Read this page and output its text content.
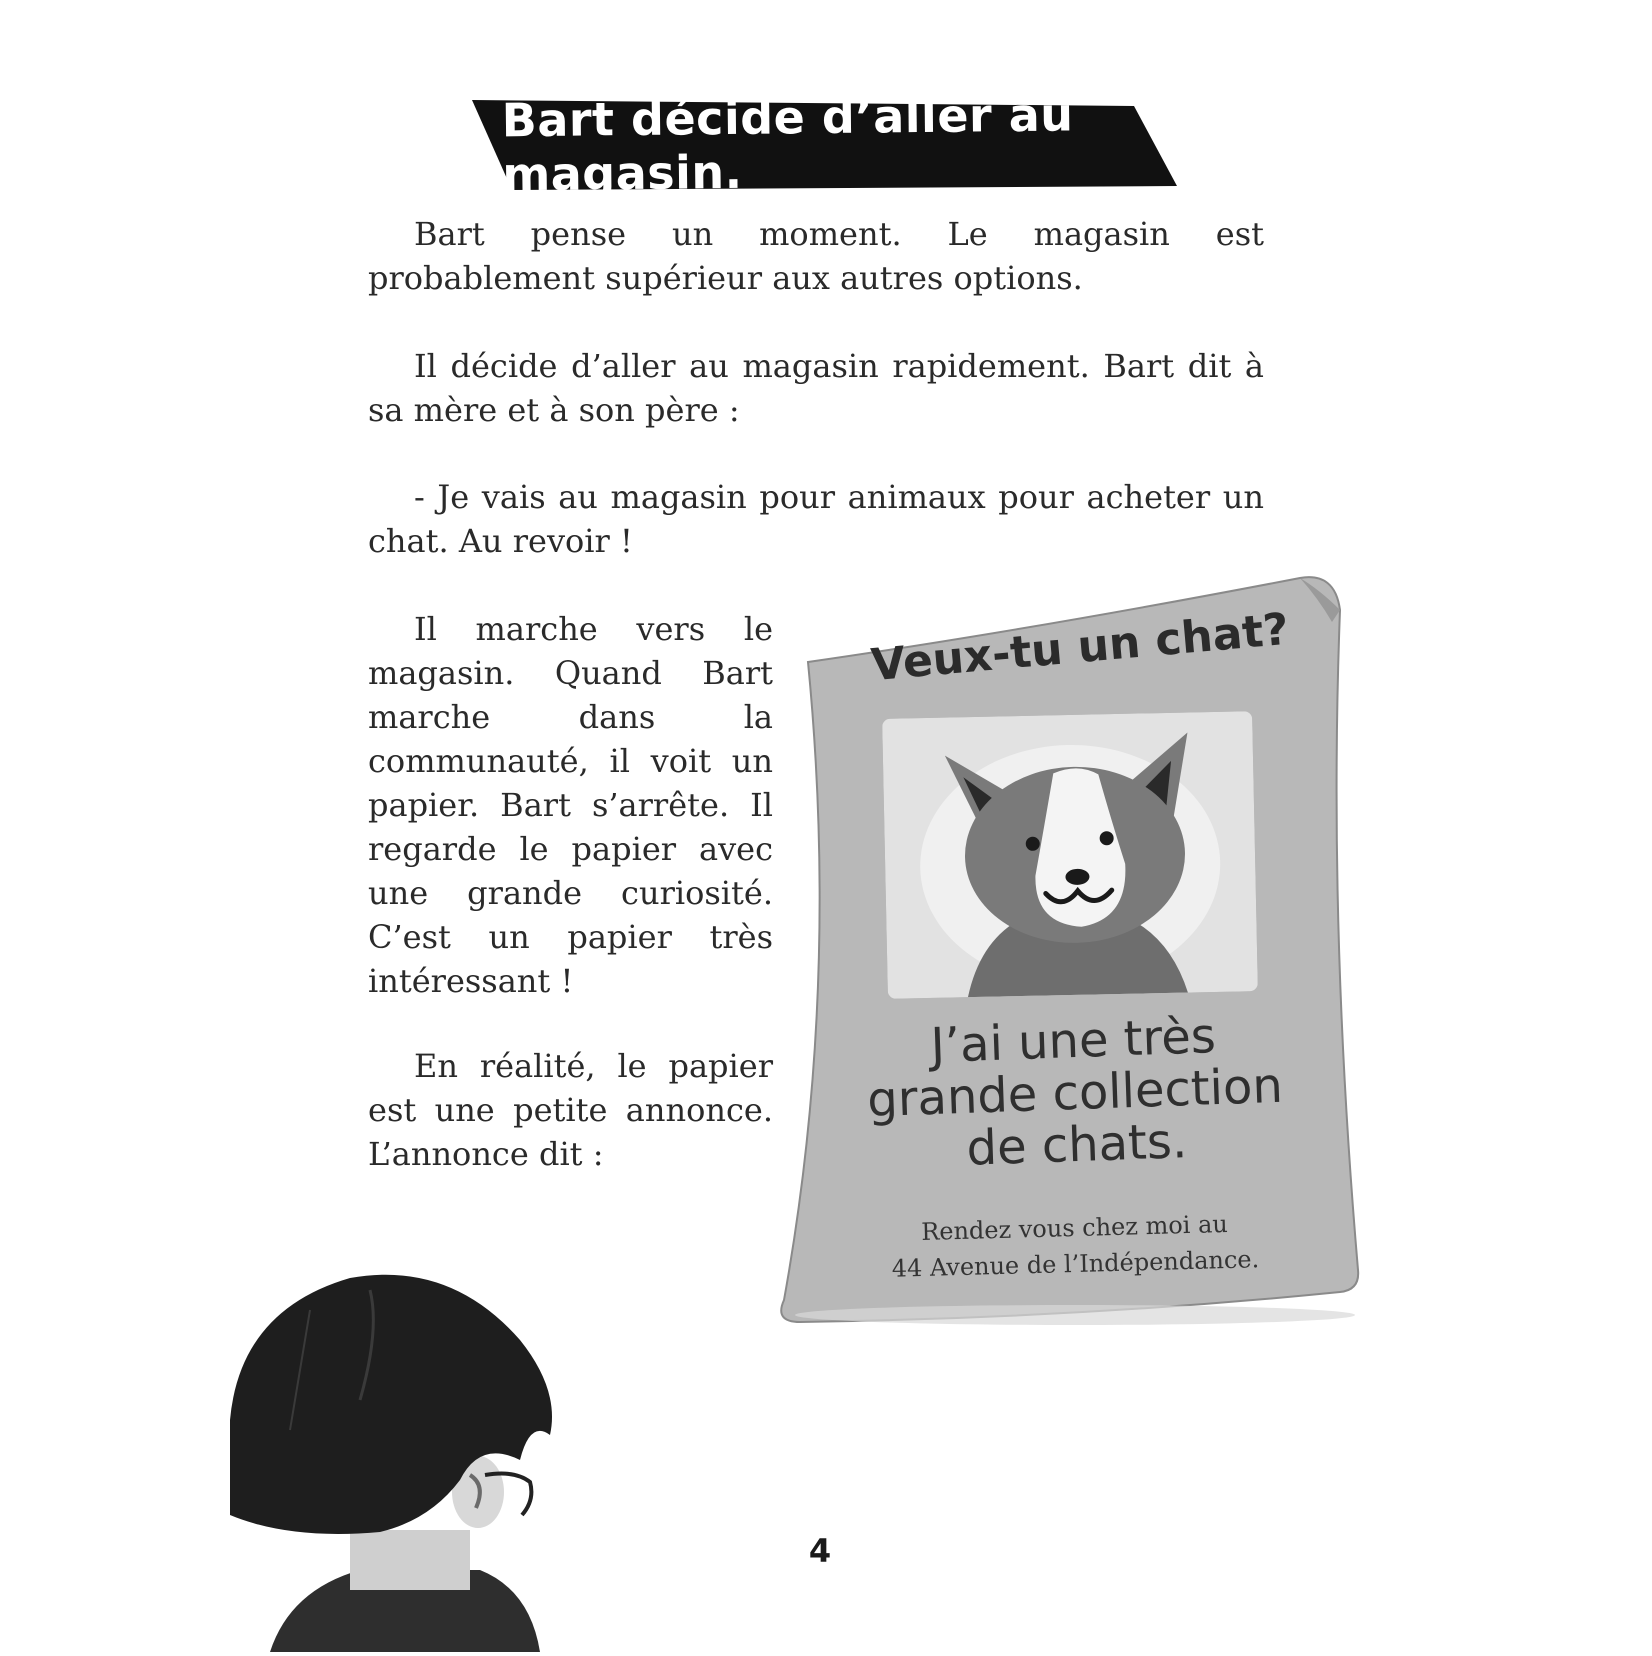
Bart décide d’aller au magasin.

Bart pense un moment. Le magasin est probablement supérieur aux autres options.

Il décide d’aller au magasin rapidement. Bart dit à sa mère et à son père :

- Je vais au magasin pour animaux pour acheter un chat. Au revoir !

Il marche vers le magasin. Quand Bart marche dans la communauté, il voit un papier. Bart s’arrête. Il regarde le papier avec une grande curiosité. C’est un papier très intéressant !

En réalité, le papier est une petite annonce. L’annonce dit :

Veux-tu un chat?
J’ai une très
grande collection
de chats.
Rendez vous chez moi au
44 Avenue de l’Indépendance.
4
